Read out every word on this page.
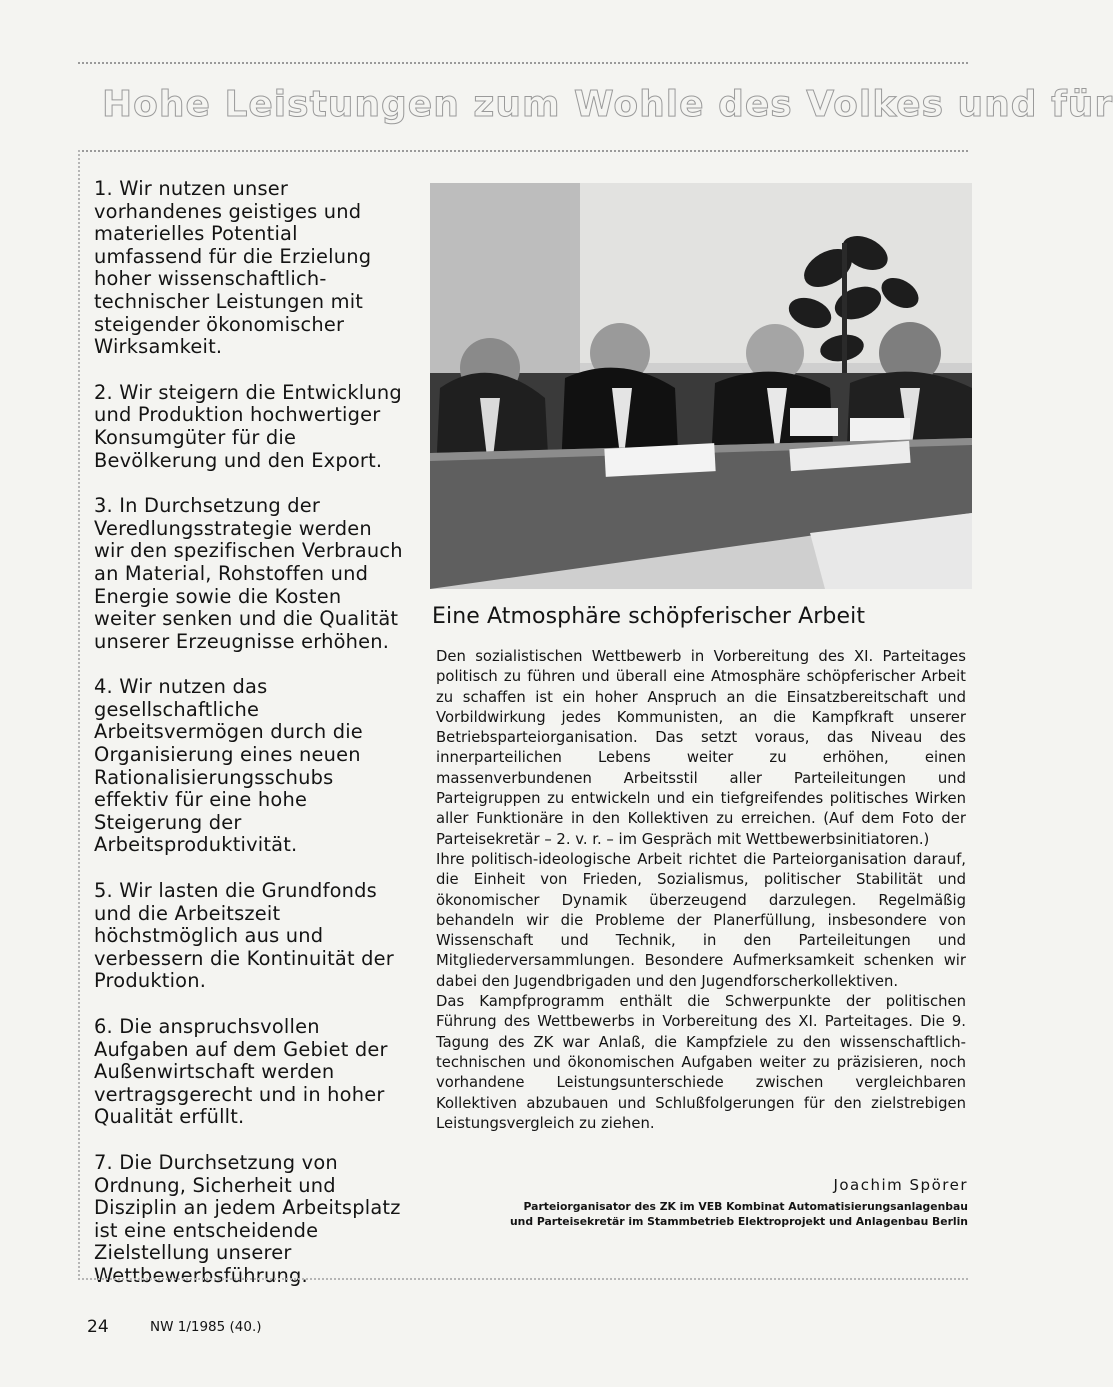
Hohe Leistungen zum Wohle des Volkes und für

1. Wir nutzen unser vorhandenes geistiges und materielles Potential umfassend für die Erzielung hoher wissenschaftlich-technischer Leistungen mit steigender ökonomischer Wirksamkeit.

2. Wir steigern die Entwicklung und Produktion hochwertiger Konsumgüter für die Bevölkerung und den Export.

3. In Durchsetzung der Veredlungsstrategie werden wir den spezifischen Verbrauch an Material, Rohstoffen und Energie sowie die Kosten weiter senken und die Qualität unserer Erzeugnisse erhöhen.

4. Wir nutzen das gesellschaftliche Arbeitsvermögen durch die Organisierung eines neuen Rationalisierungsschubs effektiv für eine hohe Steigerung der Arbeitsproduktivität.

5. Wir lasten die Grundfonds und die Arbeitszeit höchstmöglich aus und verbessern die Kontinuität der Produktion.

6. Die anspruchsvollen Aufgaben auf dem Gebiet der Außenwirtschaft werden vertragsgerecht und in hoher Qualität erfüllt.

7. Die Durchsetzung von Ordnung, Sicherheit und Disziplin an jedem Arbeitsplatz ist eine entscheidende Zielstellung unserer Wettbewerbsführung.

Eine Atmosphäre schöpferischer Arbeit

Den sozialistischen Wettbewerb in Vorbereitung des XI. Parteitages politisch zu führen und überall eine Atmosphäre schöpferischer Arbeit zu schaffen ist ein hoher Anspruch an die Einsatzbereitschaft und Vorbildwirkung jedes Kommunisten, an die Kampfkraft unserer Betriebsparteiorganisation. Das setzt voraus, das Niveau des innerparteilichen Lebens weiter zu erhöhen, einen massenverbundenen Arbeitsstil aller Parteileitungen und Parteigruppen zu entwickeln und ein tiefgreifendes politisches Wirken aller Funktionäre in den Kollektiven zu erreichen. (Auf dem Foto der Parteisekretär – 2. v. r. – im Gespräch mit Wettbewerbsinitiatoren.)

Ihre politisch-ideologische Arbeit richtet die Parteiorganisation darauf, die Einheit von Frieden, Sozialismus, politischer Stabilität und ökonomischer Dynamik überzeugend darzulegen. Regelmäßig behandeln wir die Probleme der Planerfüllung, insbesondere von Wissenschaft und Technik, in den Parteileitungen und Mitgliederversammlungen. Besondere Aufmerksamkeit schenken wir dabei den Jugendbrigaden und den Jugendforscherkollektiven.

Das Kampfprogramm enthält die Schwerpunkte der politischen Führung des Wettbewerbs in Vorbereitung des XI. Parteitages. Die 9. Tagung des ZK war Anlaß, die Kampfziele zu den wissenschaftlich-technischen und ökonomischen Aufgaben weiter zu präzisieren, noch vorhandene Leistungsunterschiede zwischen vergleichbaren Kollektiven abzubauen und Schlußfolgerungen für den zielstrebigen Leistungsvergleich zu ziehen.

Joachim Spörer
Parteiorganisator des ZK im VEB Kombinat Automatisierungsanlagenbau
und Parteisekretär im Stammbetrieb Elektroprojekt und Anlagenbau Berlin
24	NW 1/1985 (40.)
